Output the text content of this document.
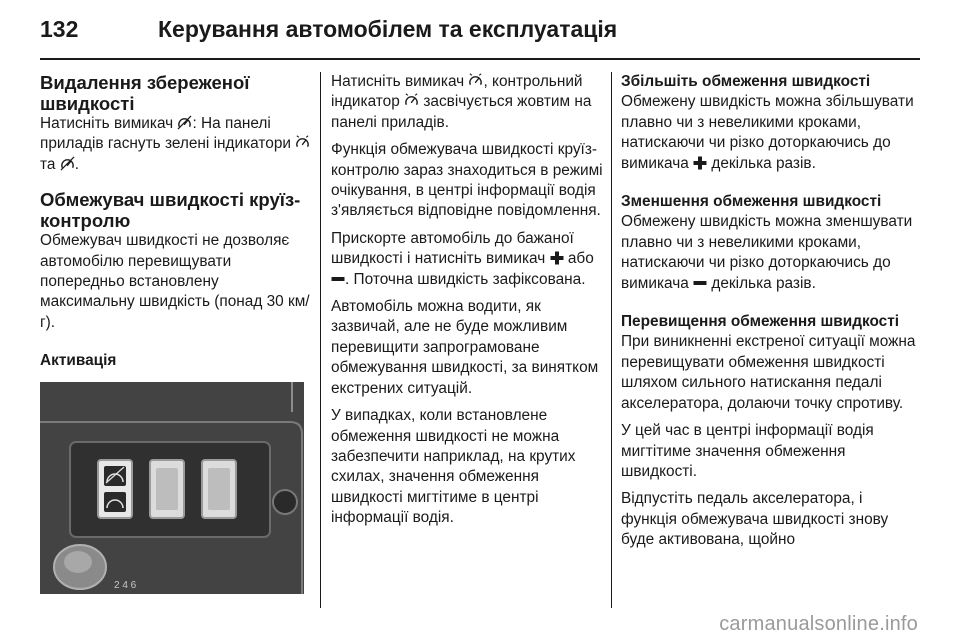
132	Керування автомобілем та експлуатація
Видалення збереженої швидкості

Натисніть вимикач : На панелі приладів гаснуть зелені індикатори  та .

Обмежувач швидкості круїз-контролю

Обмежувач швидкості не дозволяє автомобілю перевищувати попередньо встановлену максимальну швидкість (понад 30 км/г).

Активація
2 4 6

Натисніть вимикач , контрольний індикатор  засвічується жовтим на панелі приладів.

Функція обмежувача швидкості круїз-контролю зараз знаходиться в режимі очікування, в центрі інформації водія з'являється відповідне повідомлення.

Прискорте автомобіль до бажаної швидкості і натисніть вимикач  або . Поточна швидкість зафіксована.

Автомобіль можна водити, як зазвичай, але не буде можливим перевищити запрограмоване обмежування швидкості, за винятком екстрених ситуацій.

У випадках, коли встановлене обмеження швидкості не можна забезпечити наприклад, на крутих схилах, значення обмеження швидкості мигтітиме в центрі інформації водія.

Збільшіть обмеження швидкості

Обмежену швидкість можна збільшувати плавно чи з невеликими кроками, натискаючи чи різко доторкаючись до вимикача  декілька разів.

Зменшення обмеження швидкості

Обмежену швидкість можна зменшувати плавно чи з невеликими кроками, натискаючи чи різко доторкаючись до вимикача  декілька разів.

Перевищення обмеження швидкості

При виникненні екстреної ситуації можна перевищувати обмеження швидкості шляхом сильного натискання педалі акселератора, долаючи точку спротиву.

У цей час в центрі інформації водія мигтітиме значення обмеження швидкості.

Відпустіть педаль акселератора, і функція обмежувача швидкості знову буде активована, щойно

carmanualsonline.info
